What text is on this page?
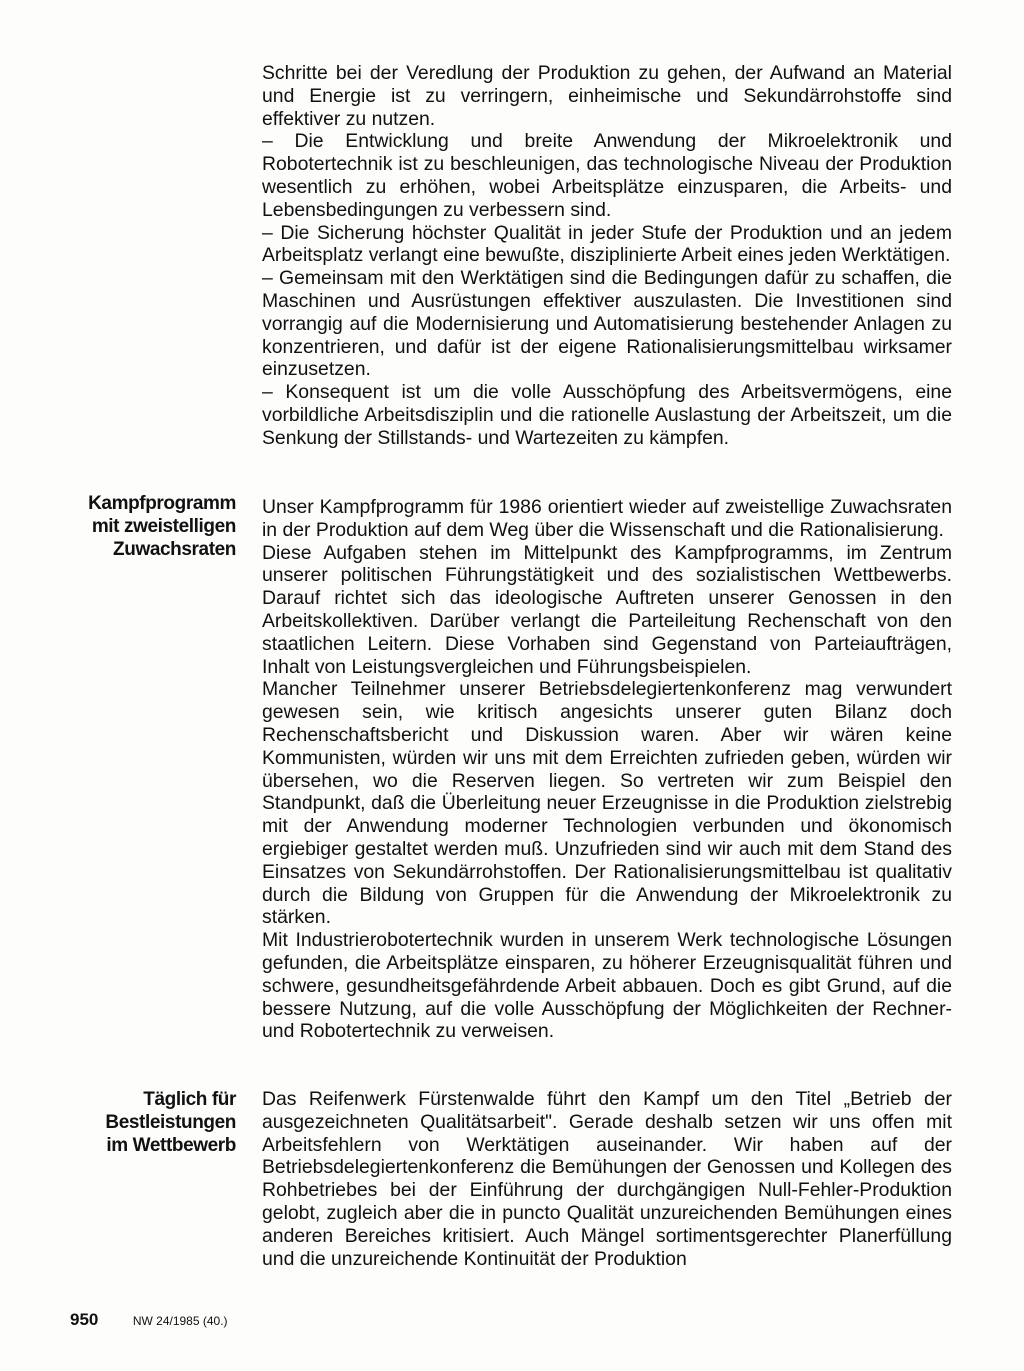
Schritte bei der Veredlung der Produktion zu gehen, der Aufwand an Material und Energie ist zu verringern, einheimische und Sekundärrohstoffe sind effektiver zu nutzen.

– Die Entwicklung und breite Anwendung der Mikroelektronik und Robotertechnik ist zu beschleunigen, das technologische Niveau der Produktion wesentlich zu erhöhen, wobei Arbeitsplätze einzusparen, die Arbeits- und Lebensbedingungen zu verbessern sind.

– Die Sicherung höchster Qualität in jeder Stufe der Produktion und an jedem Arbeitsplatz verlangt eine bewußte, disziplinierte Arbeit eines jeden Werktätigen.

– Gemeinsam mit den Werktätigen sind die Bedingungen dafür zu schaffen, die Maschinen und Ausrüstungen effektiver auszulasten. Die Investitionen sind vorrangig auf die Modernisierung und Automatisierung bestehender Anlagen zu konzentrieren, und dafür ist der eigene Rationalisierungsmittelbau wirksamer einzusetzen.

– Konsequent ist um die volle Ausschöpfung des Arbeitsvermögens, eine vorbildliche Arbeitsdisziplin und die rationelle Auslastung der Arbeitszeit, um die Senkung der Stillstands- und Wartezeiten zu kämpfen.

Kampfprogramm
mit zweistelligen
Zuwachsraten

Unser Kampfprogramm für 1986 orientiert wieder auf zweistellige Zuwachsraten in der Produktion auf dem Weg über die Wissenschaft und die Rationalisierung.

Diese Aufgaben stehen im Mittelpunkt des Kampfprogramms, im Zentrum unserer politischen Führungstätigkeit und des sozialistischen Wettbewerbs. Darauf richtet sich das ideologische Auftreten unserer Genossen in den Arbeitskollektiven. Darüber verlangt die Parteileitung Rechenschaft von den staatlichen Leitern. Diese Vorhaben sind Gegenstand von Parteiaufträgen, Inhalt von Leistungsvergleichen und Führungsbeispielen.

Mancher Teilnehmer unserer Betriebsdelegiertenkonferenz mag verwundert gewesen sein, wie kritisch angesichts unserer guten Bilanz doch Rechenschaftsbericht und Diskussion waren. Aber wir wären keine Kommunisten, würden wir uns mit dem Erreichten zufrieden geben, würden wir übersehen, wo die Reserven liegen. So vertreten wir zum Beispiel den Standpunkt, daß die Überleitung neuer Erzeugnisse in die Produktion zielstrebig mit der Anwendung moderner Technologien verbunden und ökonomisch ergiebiger gestaltet werden muß. Unzufrieden sind wir auch mit dem Stand des Einsatzes von Sekundärrohstoffen. Der Rationalisierungsmittelbau ist qualitativ durch die Bildung von Gruppen für die Anwendung der Mikroelektronik zu stärken.

Mit Industrierobotertechnik wurden in unserem Werk technologische Lösungen gefunden, die Arbeitsplätze einsparen, zu höherer Erzeugnisqualität führen und schwere, gesundheitsgefährdende Arbeit abbauen. Doch es gibt Grund, auf die bessere Nutzung, auf die volle Ausschöpfung der Möglichkeiten der Rechner- und Robotertechnik zu verweisen.

Täglich für
Bestleistungen
im Wettbewerb

Das Reifenwerk Fürstenwalde führt den Kampf um den Titel „Betrieb der ausgezeichneten Qualitätsarbeit". Gerade deshalb setzen wir uns offen mit Arbeitsfehlern von Werktätigen auseinander. Wir haben auf der Betriebsdelegiertenkonferenz die Bemühungen der Genossen und Kollegen des Rohbetriebes bei der Einführung der durchgängigen Null-Fehler-Produktion gelobt, zugleich aber die in puncto Qualität unzureichenden Bemühungen eines anderen Bereiches kritisiert. Auch Mängel sortimentsgerechter Planerfüllung und die unzureichende Kontinuität der Produktion

950	NW 24/1985 (40.)
